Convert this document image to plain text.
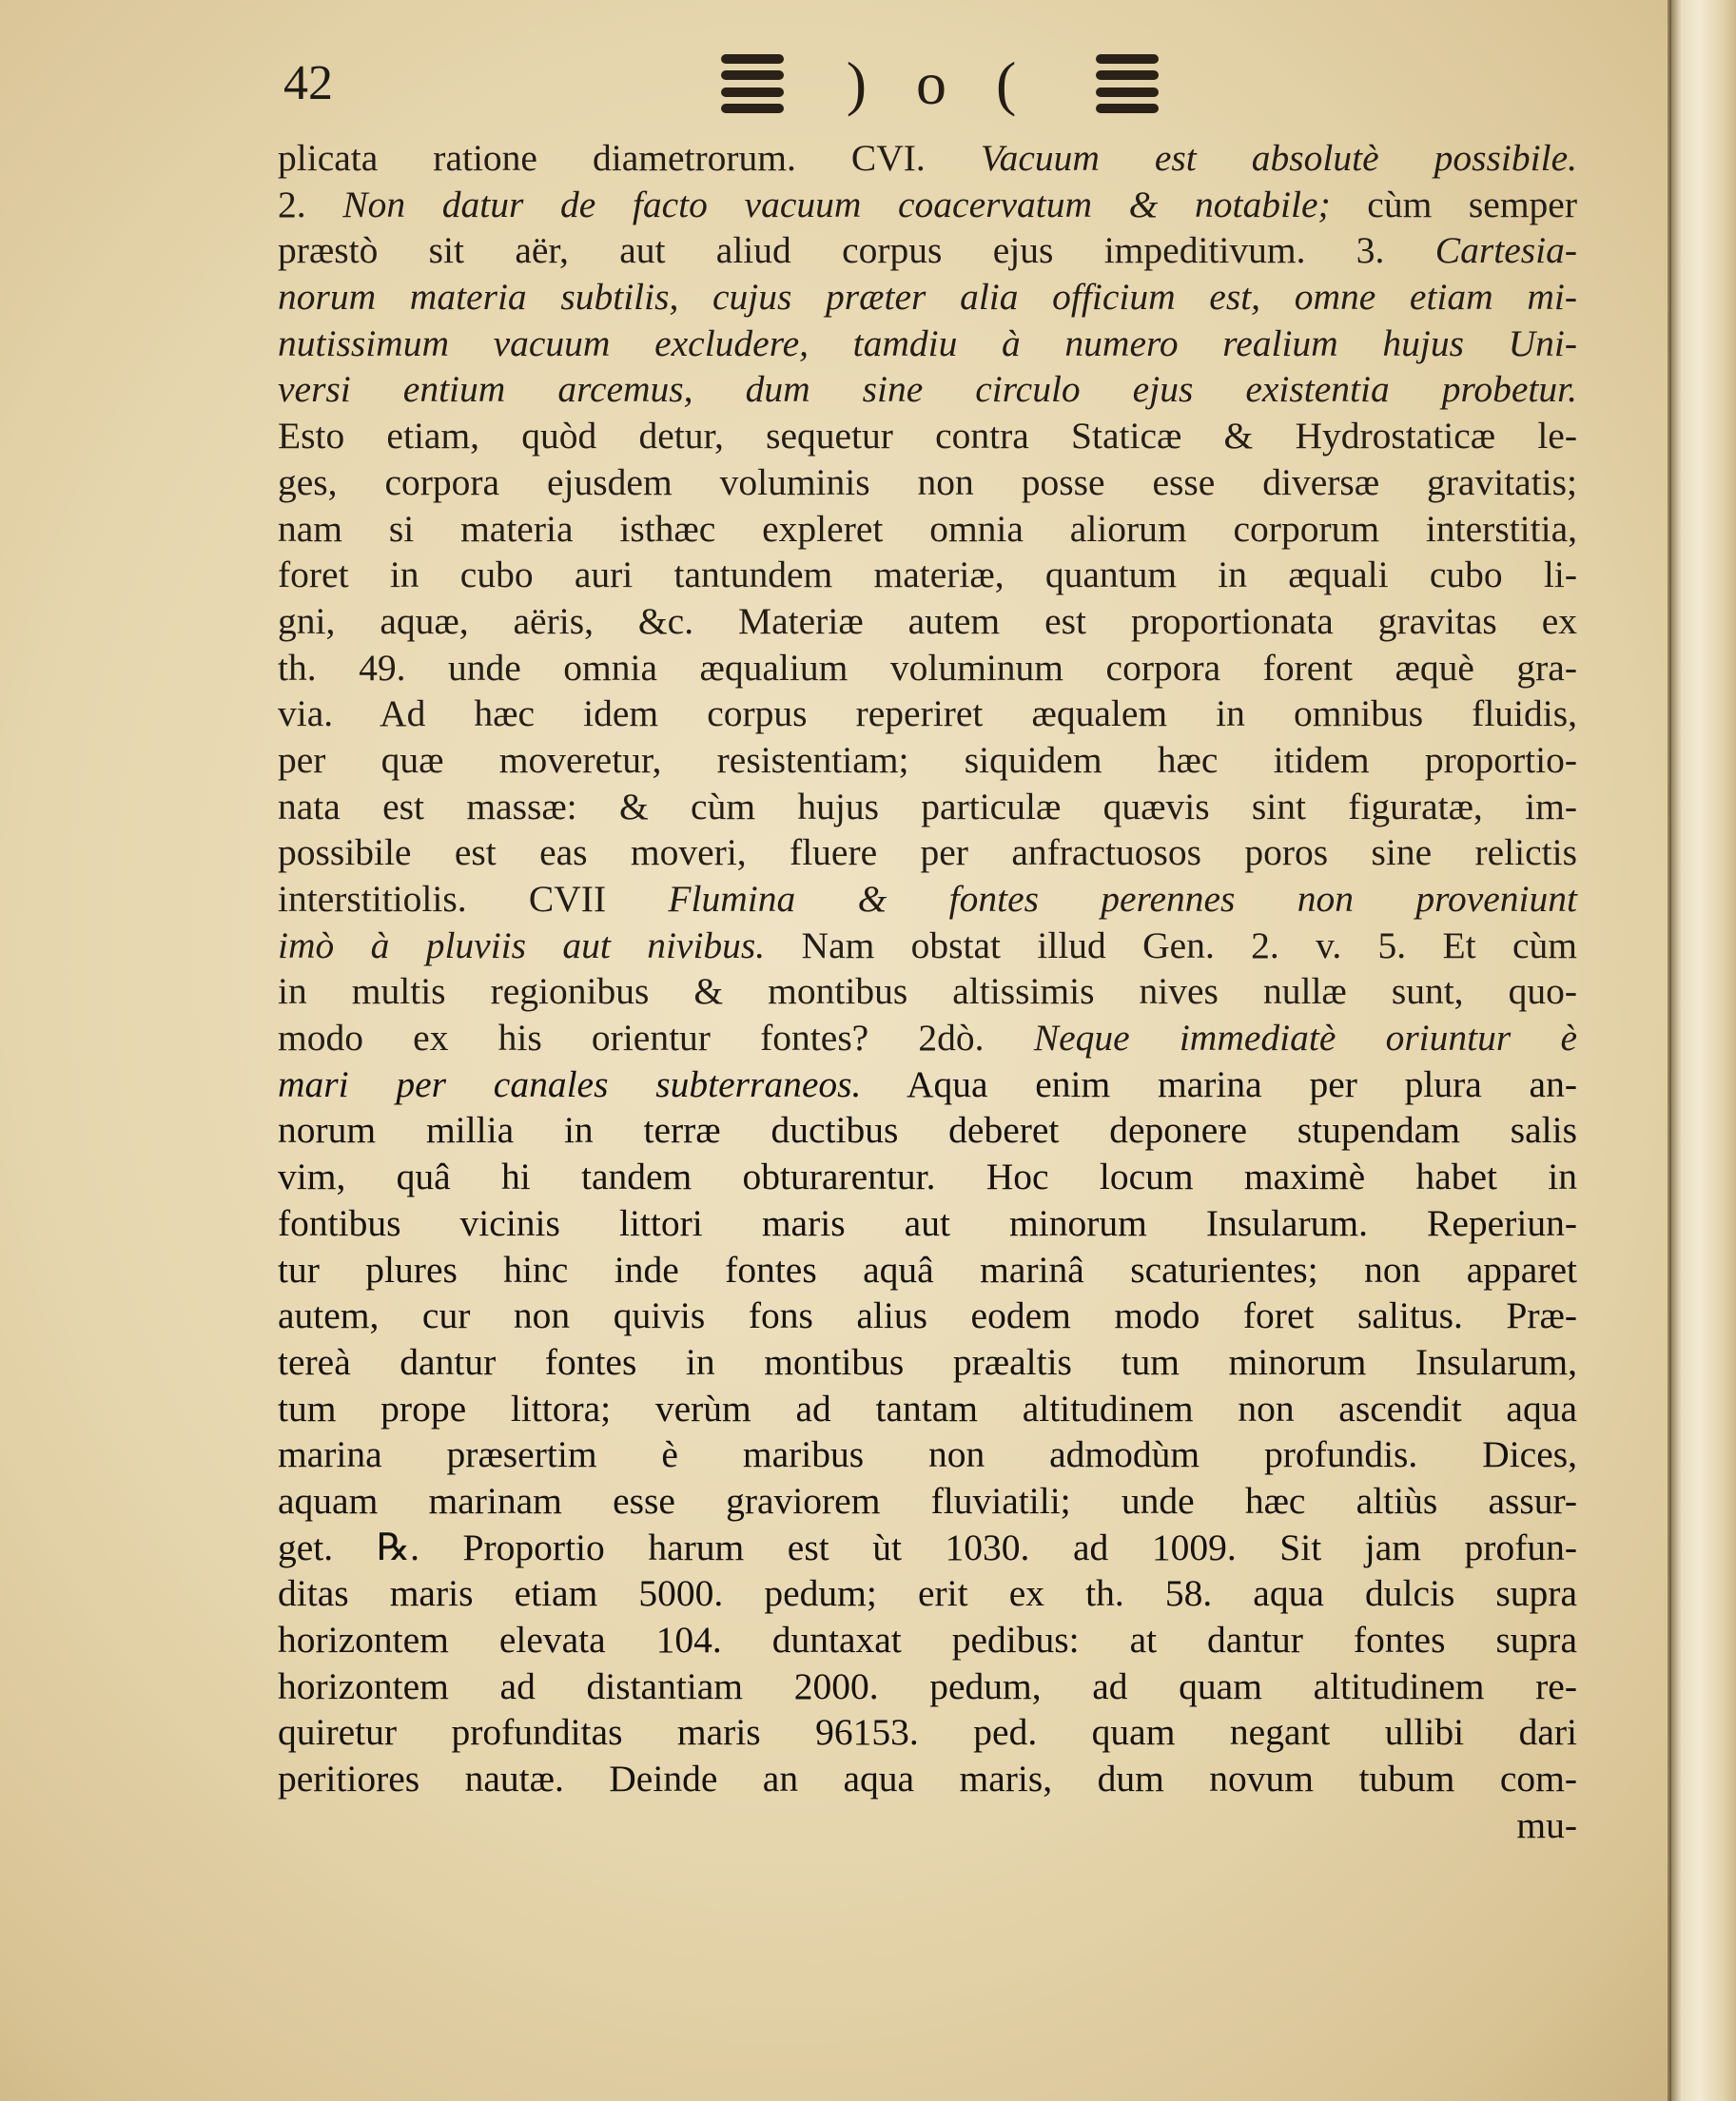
42	) o (
plicata ratione diametrorum. CVI. Vacuum est absolutè possibile.
2. Non datur de facto vacuum coacervatum & notabile; cùm semper
præstò sit aër, aut aliud corpus ejus impeditivum. 3. Cartesia-
norum materia subtilis, cujus præter alia officium est, omne etiam mi-
nutissimum vacuum excludere, tamdiu à numero realium hujus Uni-
versi entium arcemus, dum sine circulo ejus existentia probetur.
Esto etiam, quòd detur, sequetur contra Staticæ & Hydrostaticæ le-
ges, corpora ejusdem voluminis non posse esse diversæ gravitatis;
nam si materia isthæc expleret omnia aliorum corporum interstitia,
foret in cubo auri tantundem materiæ, quantum in æquali cubo li-
gni, aquæ, aëris, &c. Materiæ autem est proportionata gravitas ex
th. 49. unde omnia æqualium voluminum corpora forent æquè gra-
via. Ad hæc idem corpus reperiret æqualem in omnibus fluidis,
per quæ moveretur, resistentiam; siquidem hæc itidem proportio-
nata est massæ: & cùm hujus particulæ quævis sint figuratæ, im-
possibile est eas moveri, fluere per anfractuosos poros sine relictis
interstitiolis. CVII Flumina & fontes perennes non proveniunt
imò à pluviis aut nivibus. Nam obstat illud Gen. 2. v. 5. Et cùm
in multis regionibus & montibus altissimis nives nullæ sunt, quo-
modo ex his orientur fontes? 2dò. Neque immediatè oriuntur è
mari per canales subterraneos. Aqua enim marina per plura an-
norum millia in terræ ductibus deberet deponere stupendam salis
vim, quâ hi tandem obturarentur. Hoc locum maximè habet in
fontibus vicinis littori maris aut minorum Insularum. Reperiun-
tur plures hinc inde fontes aquâ marinâ scaturientes; non apparet
autem, cur non quivis fons alius eodem modo foret salitus. Præ-
tereà dantur fontes in montibus præaltis tum minorum Insularum,
tum prope littora; verùm ad tantam altitudinem non ascendit aqua
marina præsertim è maribus non admodùm profundis. Dices,
aquam marinam esse graviorem fluviatili; unde hæc altiùs assur-
get. ℞. Proportio harum est ùt 1030. ad 1009. Sit jam profun-
ditas maris etiam 5000. pedum; erit ex th. 58. aqua dulcis supra
horizontem elevata 104. duntaxat pedibus: at dantur fontes supra
horizontem ad distantiam 2000. pedum, ad quam altitudinem re-
quiretur profunditas maris 96153. ped. quam negant ullibi dari
peritiores nautæ. Deinde an aqua maris, dum novum tubum com-
mu-
